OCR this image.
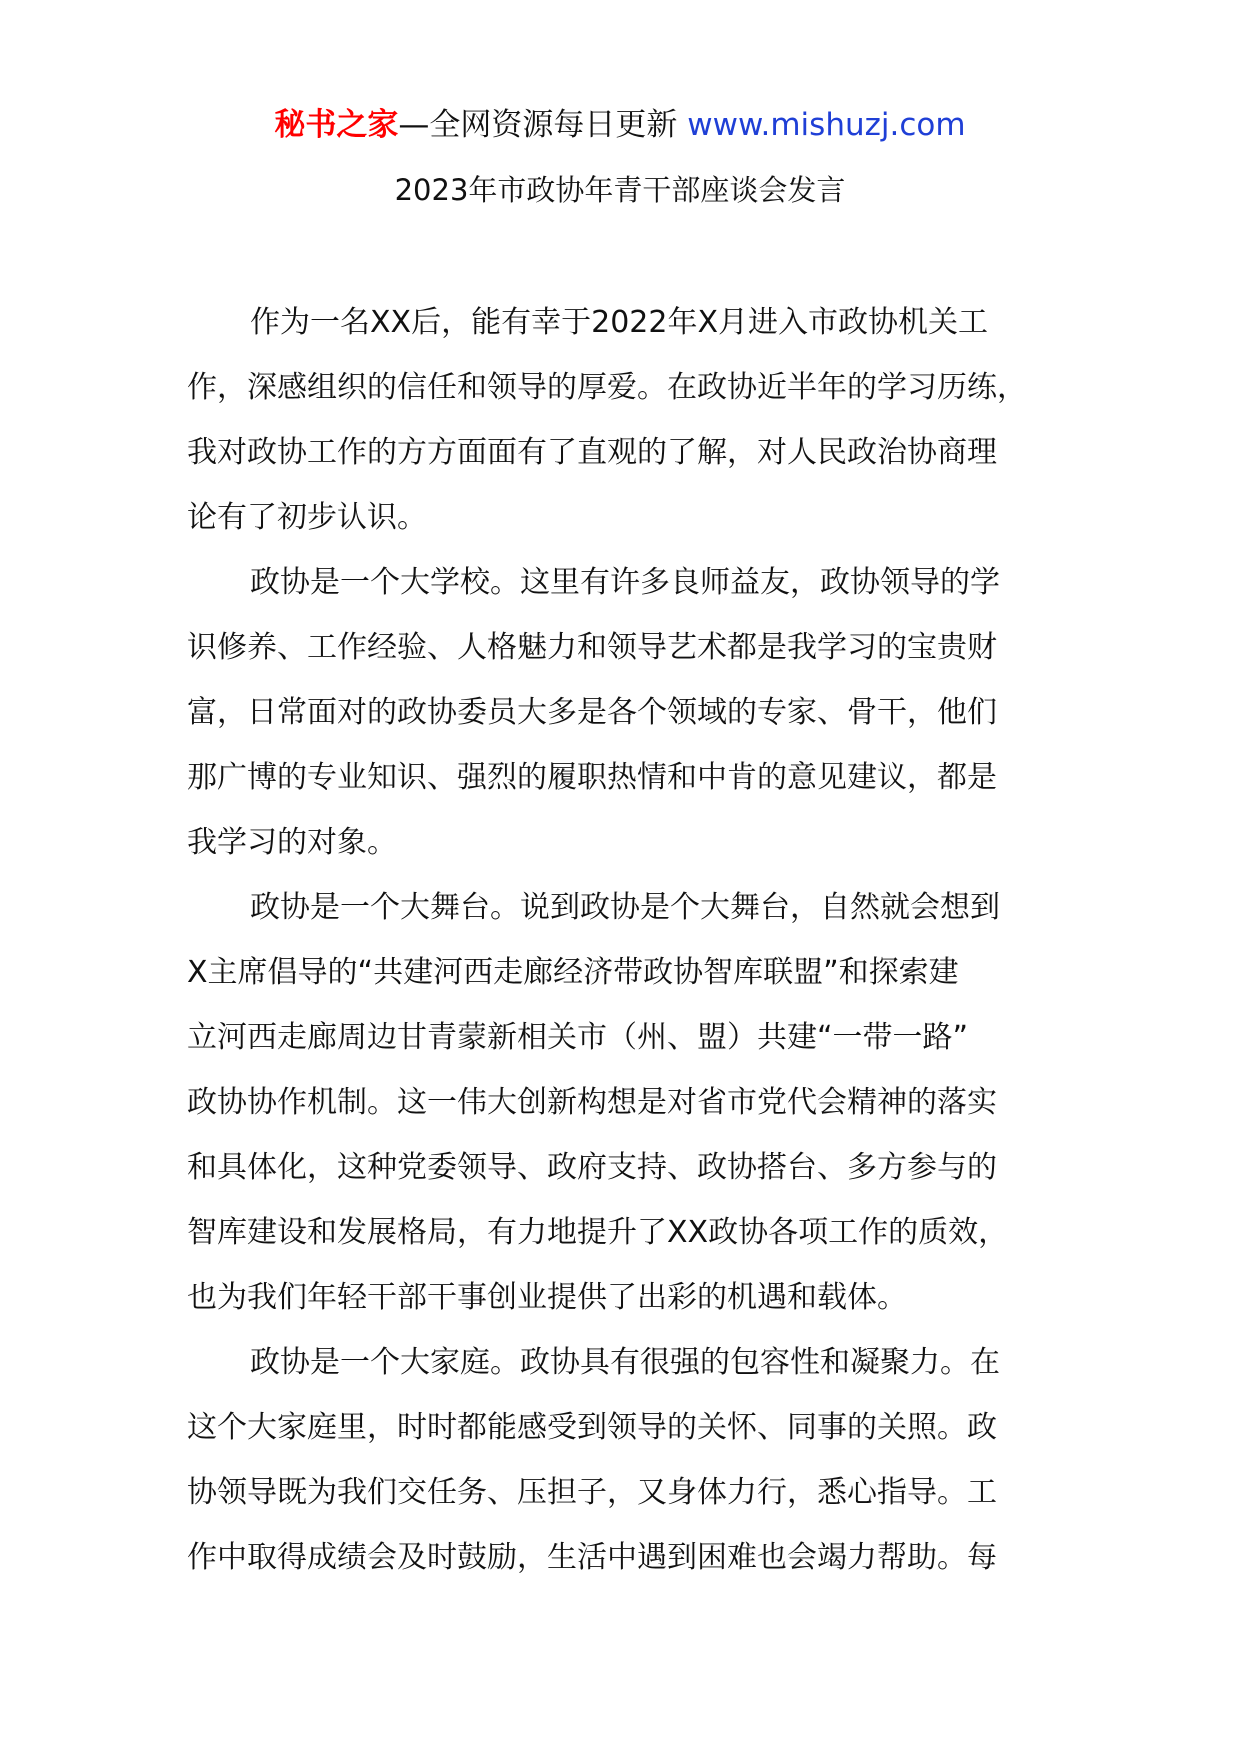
秘书之家—全网资源每日更新 www.mishuzj.com
2023年市政协年青干部座谈会发言

作为一名XX后，能有幸于2022年X月进入市政协机关工
作，深感组织的信任和领导的厚爱。在政协近半年的学习历练，
我对政协工作的方方面面有了直观的了解，对人民政治协商理
论有了初步认识。

政协是一个大学校。这里有许多良师益友，政协领导的学
识修养、工作经验、人格魅力和领导艺术都是我学习的宝贵财
富，日常面对的政协委员大多是各个领域的专家、骨干，他们
那广博的专业知识、强烈的履职热情和中肯的意见建议，都是
我学习的对象。

政协是一个大舞台。说到政协是个大舞台，自然就会想到
X主席倡导的“共建河西走廊经济带政协智库联盟”和探索建
立河西走廊周边甘青蒙新相关市（州、盟）共建“一带一路”
政协协作机制。这一伟大创新构想是对省市党代会精神的落实
和具体化，这种党委领导、政府支持、政协搭台、多方参与的
智库建设和发展格局，有力地提升了XX政协各项工作的质效，
也为我们年轻干部干事创业提供了出彩的机遇和载体。

政协是一个大家庭。政协具有很强的包容性和凝聚力。在
这个大家庭里，时时都能感受到领导的关怀、同事的关照。政
协领导既为我们交任务、压担子，又身体力行，悉心指导。工
作中取得成绩会及时鼓励，生活中遇到困难也会竭力帮助。每
